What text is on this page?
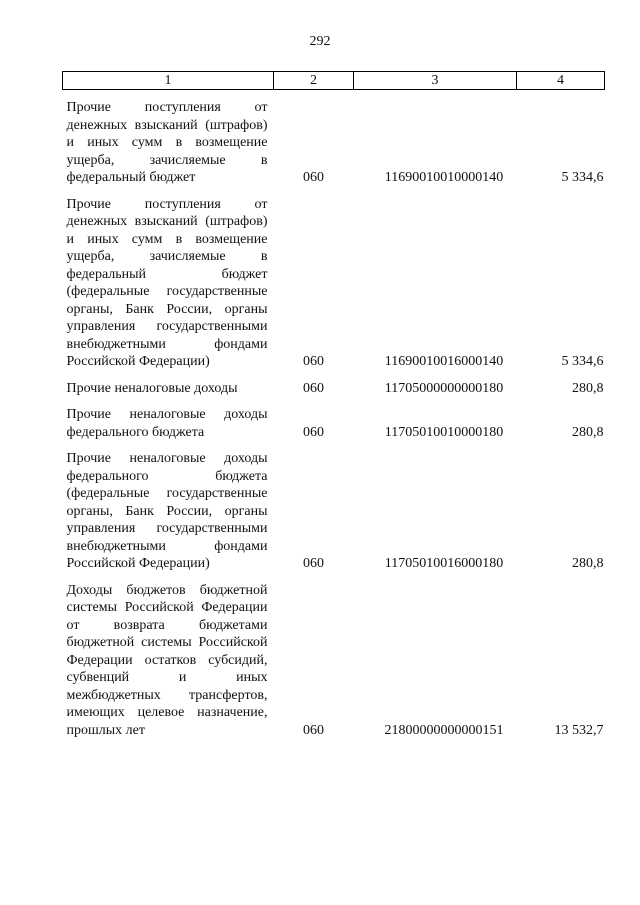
292
1	2	3	4
Прочие поступления от денежных взысканий (штрафов) и иных сумм в возмещение ущерба, зачисляемые в федеральный бюджет	060	11690010010000140	5 334,6
Прочие поступления от денежных взысканий (штрафов) и иных сумм в возмещение ущерба, зачисляемые в федеральный бюджет (федеральные государственные органы, Банк России, органы управления государственными внебюджетными фондами Российской Федерации)	060	11690010016000140	5 334,6
Прочие неналоговые доходы	060	11705000000000180	280,8
Прочие неналоговые доходы федерального бюджета	060	11705010010000180	280,8
Прочие неналоговые доходы федерального бюджета (федеральные государственные органы, Банк России, органы управления государственными внебюджетными фондами Российской Федерации)	060	11705010016000180	280,8
Доходы бюджетов бюджетной системы Российской Федерации от возврата бюджетами бюджетной системы Российской Федерации остатков субсидий, субвенций и иных межбюджетных трансфертов, имеющих целевое назначение, прошлых лет	060	21800000000000151	13 532,7
